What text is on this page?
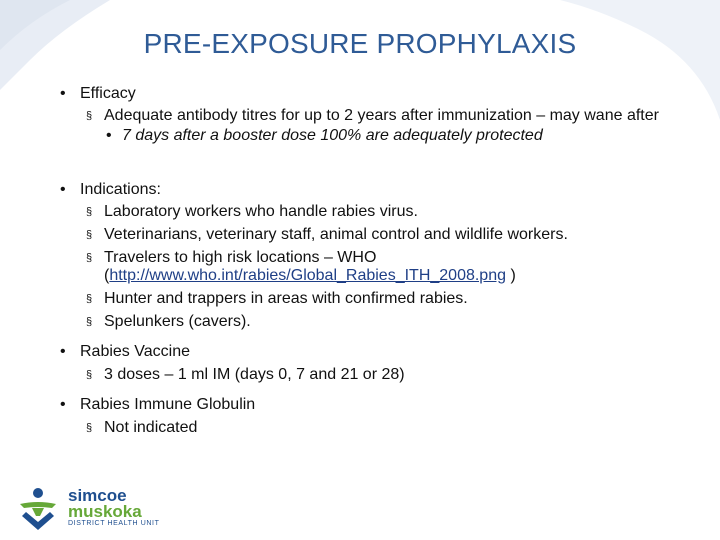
PRE-EXPOSURE PROPHYLAXIS
• Efficacy
§ Adequate antibody titres for up to 2 years after immunization – may wane after
• 7 days after a booster dose 100% are adequately protected
• Indications:
§ Laboratory workers who handle rabies virus.
§ Veterinarians, veterinary staff, animal control and wildlife workers.
§ Travelers to high risk locations – WHO
(http://www.who.int/rabies/Global_Rabies_ITH_2008.png )
§ Hunter and trappers in areas with confirmed rabies.
§ Spelunkers (cavers).
• Rabies Vaccine
§ 3 doses – 1 ml IM (days 0, 7 and 21 or 28)
• Rabies Immune Globulin
§ Not indicated
simcoe
muskoka
DISTRICT HEALTH UNIT
